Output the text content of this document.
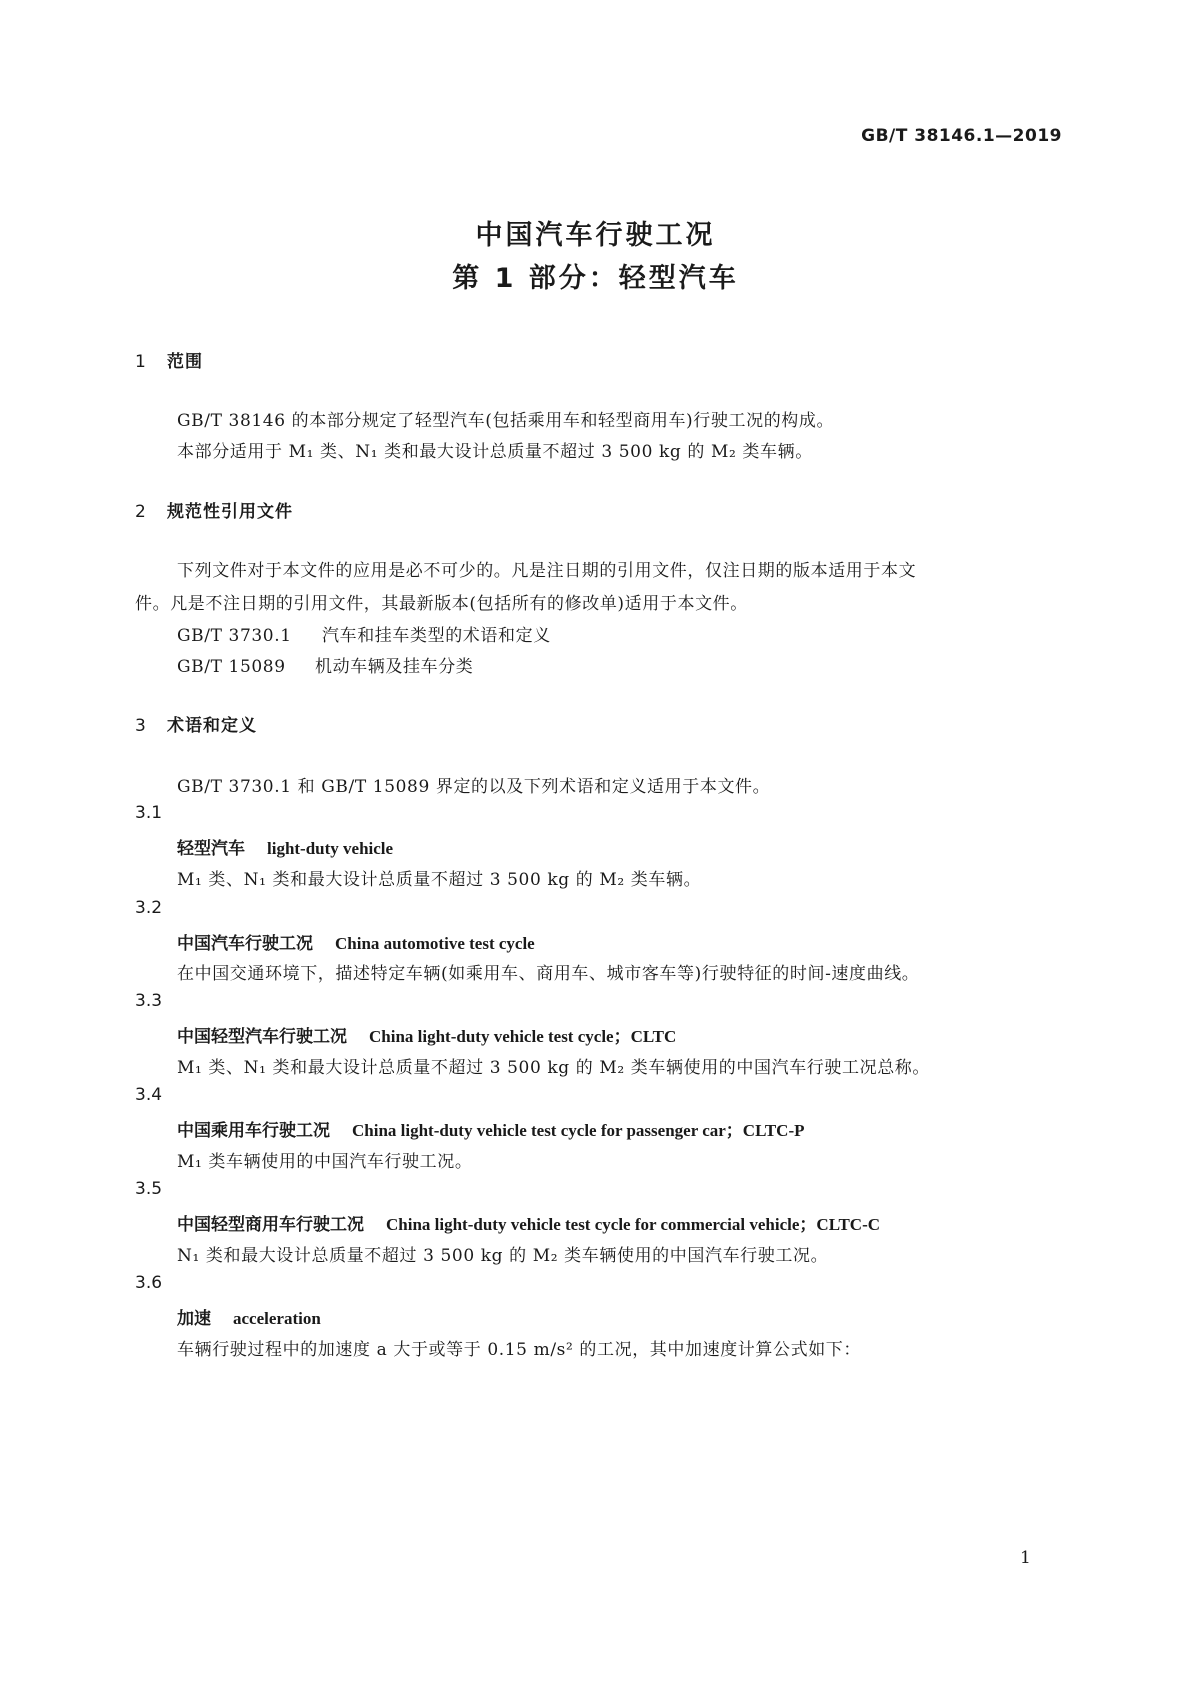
GB/T 38146.1—2019
中国汽车行驶工况
第 1 部分：轻型汽车
1 范围
GB/T 38146 的本部分规定了轻型汽车(包括乘用车和轻型商用车)行驶工况的构成。
本部分适用于 M₁ 类、N₁ 类和最大设计总质量不超过 3 500 kg 的 M₂ 类车辆。
2 规范性引用文件
下列文件对于本文件的应用是必不可少的。凡是注日期的引用文件，仅注日期的版本适用于本文
件。凡是不注日期的引用文件，其最新版本(包括所有的修改单)适用于本文件。
GB/T 3730.1 汽车和挂车类型的术语和定义
GB/T 15089 机动车辆及挂车分类
3 术语和定义
GB/T 3730.1 和 GB/T 15089 界定的以及下列术语和定义适用于本文件。
3.1
轻型汽车 light-duty vehicle
M₁ 类、N₁ 类和最大设计总质量不超过 3 500 kg 的 M₂ 类车辆。
3.2
中国汽车行驶工况 China automotive test cycle
在中国交通环境下，描述特定车辆(如乘用车、商用车、城市客车等)行驶特征的时间-速度曲线。
3.3
中国轻型汽车行驶工况 China light-duty vehicle test cycle；CLTC
M₁ 类、N₁ 类和最大设计总质量不超过 3 500 kg 的 M₂ 类车辆使用的中国汽车行驶工况总称。
3.4
中国乘用车行驶工况 China light-duty vehicle test cycle for passenger car；CLTC-P
M₁ 类车辆使用的中国汽车行驶工况。
3.5
中国轻型商用车行驶工况 China light-duty vehicle test cycle for commercial vehicle；CLTC-C
N₁ 类和最大设计总质量不超过 3 500 kg 的 M₂ 类车辆使用的中国汽车行驶工况。
3.6
加速 acceleration
车辆行驶过程中的加速度 a 大于或等于 0.15 m/s² 的工况，其中加速度计算公式如下：
1
